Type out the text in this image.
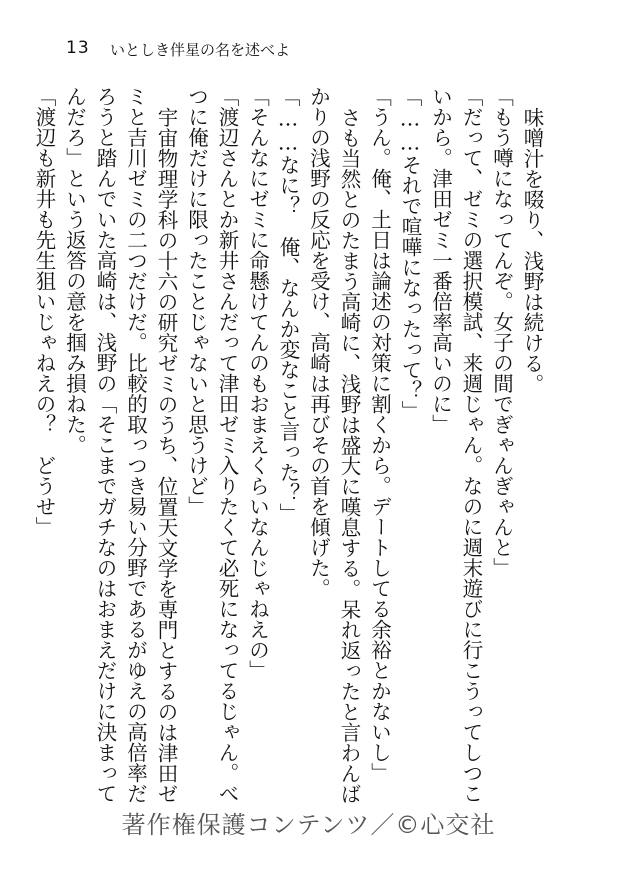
13 いとしき伴星の名を述べよ

味噌汁を啜り、浅野は続ける。

「もう噂になってんぞ。女子の間でぎゃんぎゃんと」

「だって、ゼミの選択模試、来週じゃん。なのに週末遊びに行こうってしつこいから。津田ゼミ一番倍率高いのに」

「……それで喧嘩になったって？」

「うん。俺、土日は論述の対策に割くから。デートしてる余裕とかないし」

さも当然とのたまう高崎に、浅野は盛大に嘆息する。呆れ返ったと言わんばかりの浅野の反応を受け、高崎は再びその首を傾げた。

「……なに？　俺、なんか変なこと言った？」

「そんなにゼミに命懸けてんのもおまえくらいなんじゃねえの」

「渡辺さんとか新井さんだって津田ゼミ入りたくて必死になってるじゃん。べつに俺だけに限ったことじゃないと思うけど」

宇宙物理学科の十六の研究ゼミのうち、位置天文学を専門とするのは津田ゼミと吉川ゼミの二つだけだ。比較的取っつき易い分野であるがゆえの高倍率だろうと踏んでいた高崎は、浅野の「そこまでガチなのはおまえだけに決まってんだろ」という返答の意を掴み損ねた。

「渡辺も新井も先生狙いじゃねえの？　どうせ」

著作権保護コンテンツ／©心交社
